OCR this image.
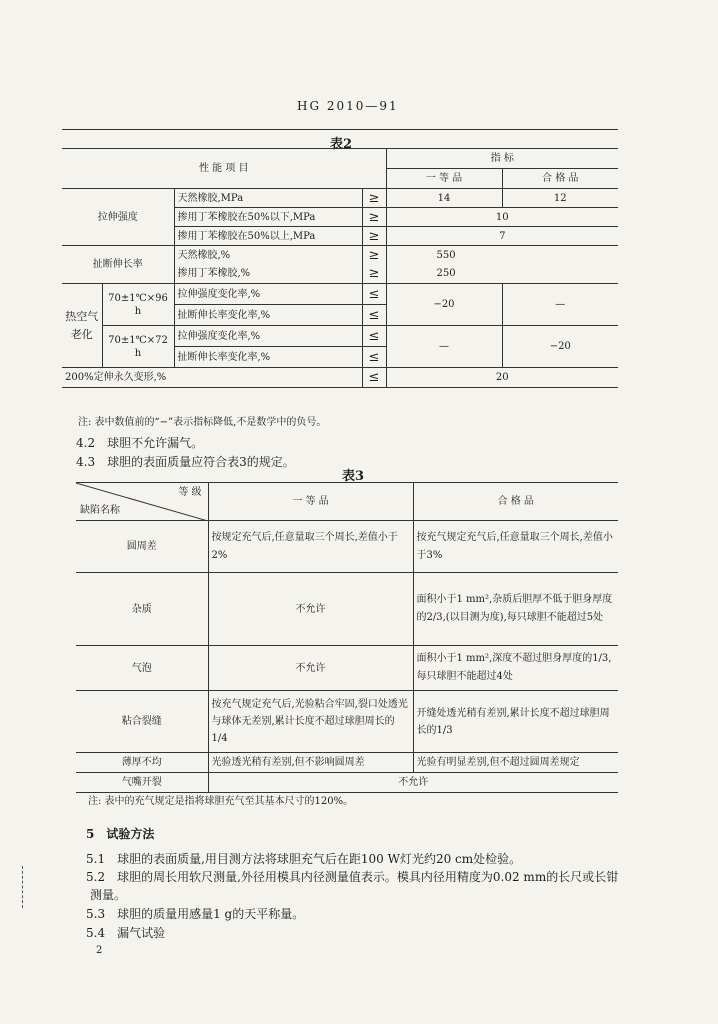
HG 2010—91
表2
性 能 项 目				指 标	
				一 等 品	合 格 品
拉伸强度		天然橡胶,MPa	≥	14	12
		掺用丁苯橡胶在50%以下,MPa	≥	10	
		掺用丁苯橡胶在50%以上,MPa	≥	7	
扯断伸长率		天然橡胶,%	≥	550	
		掺用丁苯橡胶,%	≥	250	
热空气老化	70±1℃×96 h	拉伸强度变化率,%	≤	−20	—
		扯断伸长率变化率,%	≤		
	70±1℃×72 h	拉伸强度变化率,%	≤	—	−20
		扯断伸长率变化率,%	≤		
200%定伸永久变形,%			≤	20	
注: 表中数值前的“−”表示指标降低,不是数学中的负号。
4.2　球胆不允许漏气。
4.3　球胆的表面质量应符合表3的规定。
表3
等 级
缺陷名称	一 等 品	合 格 品
圆周差	按规定充气后,任意量取三个周长,差值小于2%	按充气规定充气后,任意量取三个周长,差值小于3%
杂质	不允许	面积小于1 mm²,杂质后胆厚不低于胆身厚度的2/3,(以目测为度),每只球胆不能超过5处
气泡	不允许	面积小于1 mm²,深度不超过胆身厚度的1/3,每只球胆不能超过4处
粘合裂缝	按充气规定充气后,光验粘合牢固,裂口处透光与球体无差别,累计长度不超过球胆周长的1/4	开缝处透光稍有差别,累计长度不超过球胆周长的1/3
薄厚不均	光验透光稍有差别,但不影响圆周差	光验有明显差别,但不超过圆周差规定
气嘴开裂	不允许	
注: 表中的充气规定是指将球胆充气至其基本尺寸的120%。
5　试验方法
5.1　球胆的表面质量,用目测方法将球胆充气后在距100 W灯光约20 cm处检验。
5.2　球胆的周长用软尺测量,外径用模具内径测量值表示。模具内径用精度为0.02 mm的长尺或长钳
测量。
5.3　球胆的质量用感量1 g的天平称量。
5.4　漏气试验
2
